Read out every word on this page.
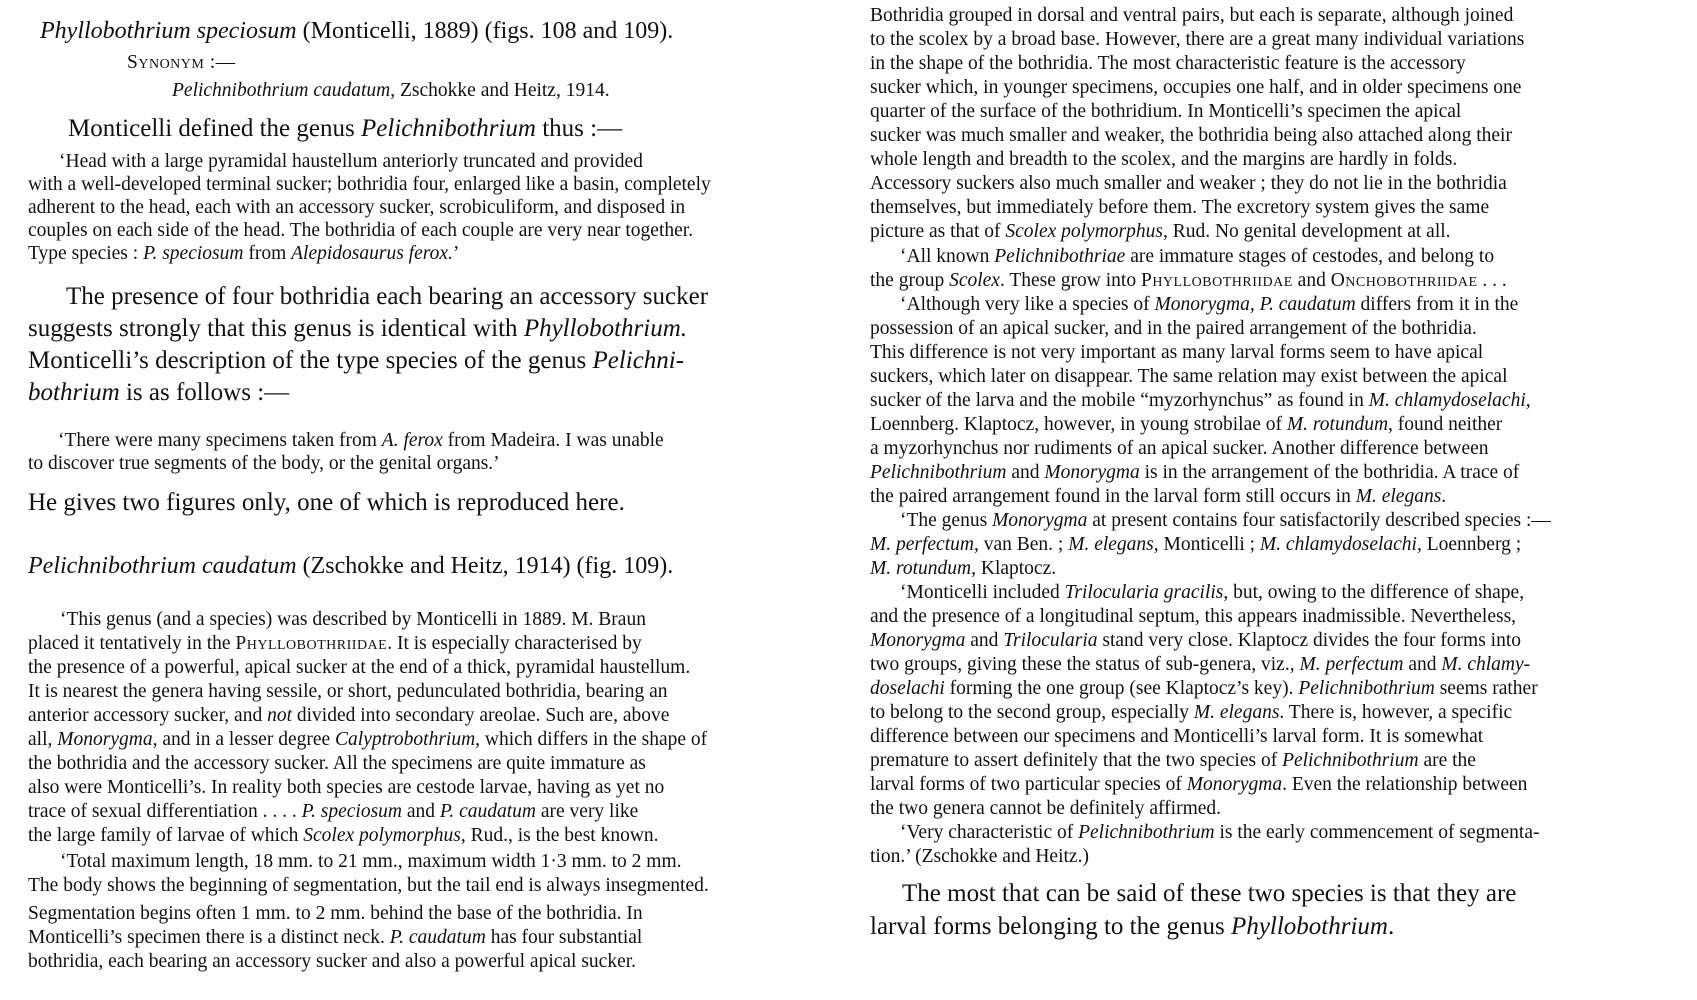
Phyllobothrium speciosum (Monticelli, 1889) (figs. 108 and 109).
Synonym :—
Pelichnibothrium caudatum, Zschokke and Heitz, 1914.
Monticelli defined the genus Pelichnibothrium thus :—
‘Head with a large pyramidal haustellum anteriorly truncated and provided
with a well-developed terminal sucker; bothridia four, enlarged like a basin, completely
adherent to the head, each with an accessory sucker, scrobiculiform, and disposed in
couples on each side of the head. The bothridia of each couple are very near together.
Type species : P. speciosum from Alepidosaurus ferox.’
The presence of four bothridia each bearing an accessory sucker
suggests strongly that this genus is identical with Phyllobothrium.
Monticelli’s description of the type species of the genus Pelichni-
bothrium is as follows :—
‘There were many specimens taken from A. ferox from Madeira. I was unable
to discover true segments of the body, or the genital organs.’
He gives two figures only, one of which is reproduced here.
Pelichnibothrium caudatum (Zschokke and Heitz, 1914) (fig. 109).
‘This genus (and a species) was described by Monticelli in 1889. M. Braun
placed it tentatively in the Phyllobothriidae. It is especially characterised by
the presence of a powerful, apical sucker at the end of a thick, pyramidal haustellum.
It is nearest the genera having sessile, or short, pedunculated bothridia, bearing an
anterior accessory sucker, and not divided into secondary areolae. Such are, above
all, Monorygma, and in a lesser degree Calyptrobothrium, which differs in the shape of
the bothridia and the accessory sucker. All the specimens are quite immature as
also were Monticelli’s. In reality both species are cestode larvae, having as yet no
trace of sexual differentiation . . . . P. speciosum and P. caudatum are very like
the large family of larvae of which Scolex polymorphus, Rud., is the best known.
‘Total maximum length, 18 mm. to 21 mm., maximum width 1·3 mm. to 2 mm.
The body shows the beginning of segmentation, but the tail end is always insegmented.
Segmentation begins often 1 mm. to 2 mm. behind the base of the bothridia. In
Monticelli’s specimen there is a distinct neck. P. caudatum has four substantial
bothridia, each bearing an accessory sucker and also a powerful apical sucker.
Bothridia grouped in dorsal and ventral pairs, but each is separate, although joined
to the scolex by a broad base. However, there are a great many individual variations
in the shape of the bothridia. The most characteristic feature is the accessory
sucker which, in younger specimens, occupies one half, and in older specimens one
quarter of the surface of the bothridium. In Monticelli’s specimen the apical
sucker was much smaller and weaker, the bothridia being also attached along their
whole length and breadth to the scolex, and the margins are hardly in folds.
Accessory suckers also much smaller and weaker ; they do not lie in the bothridia
themselves, but immediately before them. The excretory system gives the same
picture as that of Scolex polymorphus, Rud. No genital development at all.
‘All known Pelichnibothriae are immature stages of cestodes, and belong to
the group Scolex. These grow into Phyllobothriidae and Onchobothriidae . . .
‘Although very like a species of Monorygma, P. caudatum differs from it in the
possession of an apical sucker, and in the paired arrangement of the bothridia.
This difference is not very important as many larval forms seem to have apical
suckers, which later on disappear. The same relation may exist between the apical
sucker of the larva and the mobile “myzorhynchus” as found in M. chlamydoselachi,
Loennberg. Klaptocz, however, in young strobilae of M. rotundum, found neither
a myzorhynchus nor rudiments of an apical sucker. Another difference between
Pelichnibothrium and Monorygma is in the arrangement of the bothridia. A trace of
the paired arrangement found in the larval form still occurs in M. elegans.
‘The genus Monorygma at present contains four satisfactorily described species :—
M. perfectum, van Ben. ; M. elegans, Monticelli ; M. chlamydoselachi, Loennberg ;
M. rotundum, Klaptocz.
‘Monticelli included Trilocularia gracilis, but, owing to the difference of shape,
and the presence of a longitudinal septum, this appears inadmissible. Nevertheless,
Monorygma and Trilocularia stand very close. Klaptocz divides the four forms into
two groups, giving these the status of sub-genera, viz., M. perfectum and M. chlamy-
doselachi forming the one group (see Klaptocz’s key). Pelichnibothrium seems rather
to belong to the second group, especially M. elegans. There is, however, a specific
difference between our specimens and Monticelli’s larval form. It is somewhat
premature to assert definitely that the two species of Pelichnibothrium are the
larval forms of two particular species of Monorygma. Even the relationship between
the two genera cannot be definitely affirmed.
‘Very characteristic of Pelichnibothrium is the early commencement of segmenta-
tion.’ (Zschokke and Heitz.)
The most that can be said of these two species is that they are
larval forms belonging to the genus Phyllobothrium.
